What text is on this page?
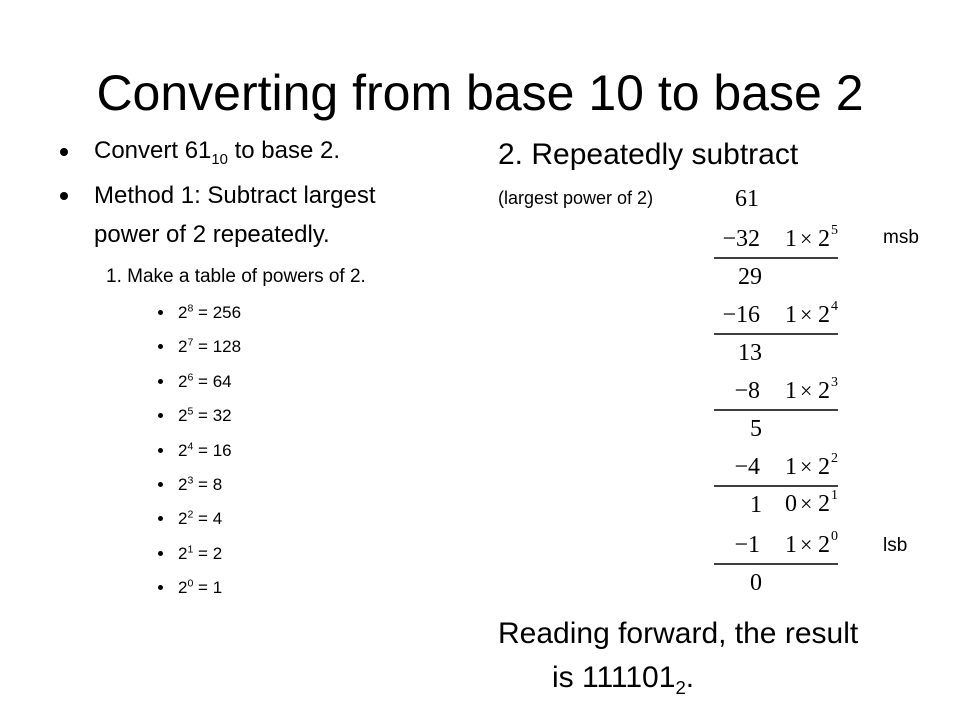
Converting from base 10 to base 2
Convert $61_{10}$ to base 2.
Method 1: Subtract largest
power of 2 repeatedly.
1. Make a table of powers of 2.
$2^8 = 256$
$2^7 = 128$
$2^6 = 64$
$2^5 = 32$
$2^4 = 16$
$2^3 = 8$
$2^2 = 4$
$2^1 = 2$
$2^0 = 1$
2. Repeatedly subtract
(largest power of 2)	61
−32 1 × 2 5
29
−16 1 × 2 4
13
−8 1 × 2 3
5
−4 1 × 2 2
1 0 × 2 1
−1 1 × 2 0
0
msb
lsb
Reading forward, the result
is $111101_2$.
